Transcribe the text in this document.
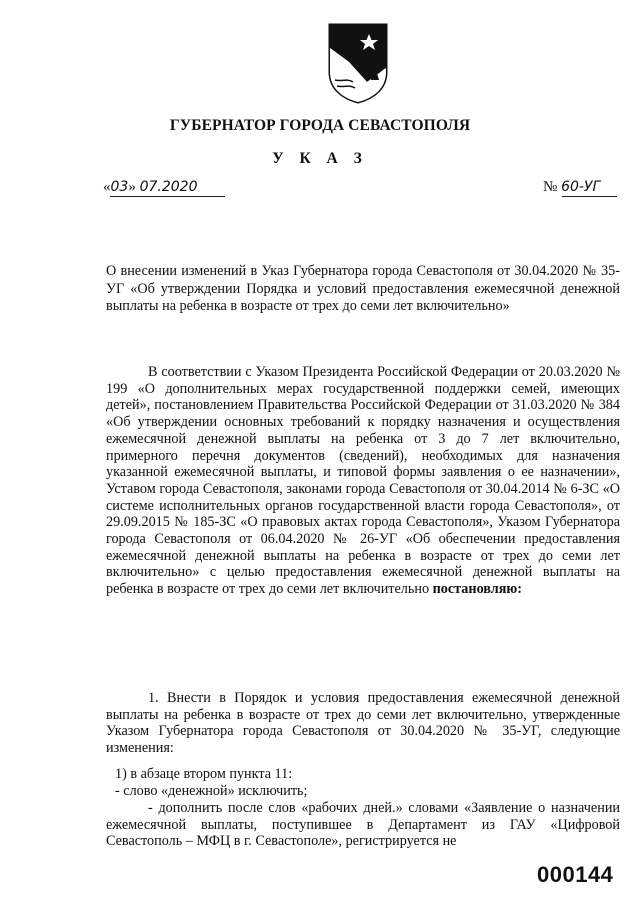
ГУБЕРНАТОР ГОРОДА СЕВАСТОПОЛЯ
У К А З
«03» 07.2020	№ 60-УГ
О внесении изменений в Указ Губернатора города Севастополя от 30.04.2020 № 35-УГ «Об утверждении Порядка и условий предоставления ежемесячной денежной выплаты на ребенка в возрасте от трех до семи лет включительно»

В соответствии с Указом Президента Российской Федерации от 20.03.2020 № 199 «О дополнительных мерах государственной поддержки семей, имеющих детей», постановлением Правительства Российской Федерации от 31.03.2020 № 384 «Об утверждении основных требований к порядку назначения и осуществления ежемесячной денежной выплаты на ребенка от 3 до 7 лет включительно, примерного перечня документов (сведений), необходимых для назначения указанной ежемесячной выплаты, и типовой формы заявления о ее назначении», Уставом города Севастополя, законами города Севастополя от 30.04.2014 № 6-ЗС «О системе исполнительных органов государственной власти города Севастополя», от 29.09.2015 № 185-ЗС «О правовых актах города Севастополя», Указом Губернатора города Севастополя от 06.04.2020 № 26-УГ «Об обеспечении предоставления ежемесячной денежной выплаты на ребенка в возрасте от трех до семи лет включительно» с целью предоставления ежемесячной денежной выплаты на ребенка в возрасте от трех до семи лет включительно постановляю:

1. Внести в Порядок и условия предоставления ежемесячной денежной выплаты на ребенка в возрасте от трех до семи лет включительно, утвержденные Указом Губернатора города Севастополя от 30.04.2020 № 35-УГ, следующие изменения:

1) в абзаце втором пункта 11:

- слово «денежной» исключить;

- дополнить после слов «рабочих дней.» словами «Заявление о назначении ежемесячной выплаты, поступившее в Департамент из ГАУ «Цифровой Севастополь – МФЦ в г. Севастополе», регистрируется не

000144
